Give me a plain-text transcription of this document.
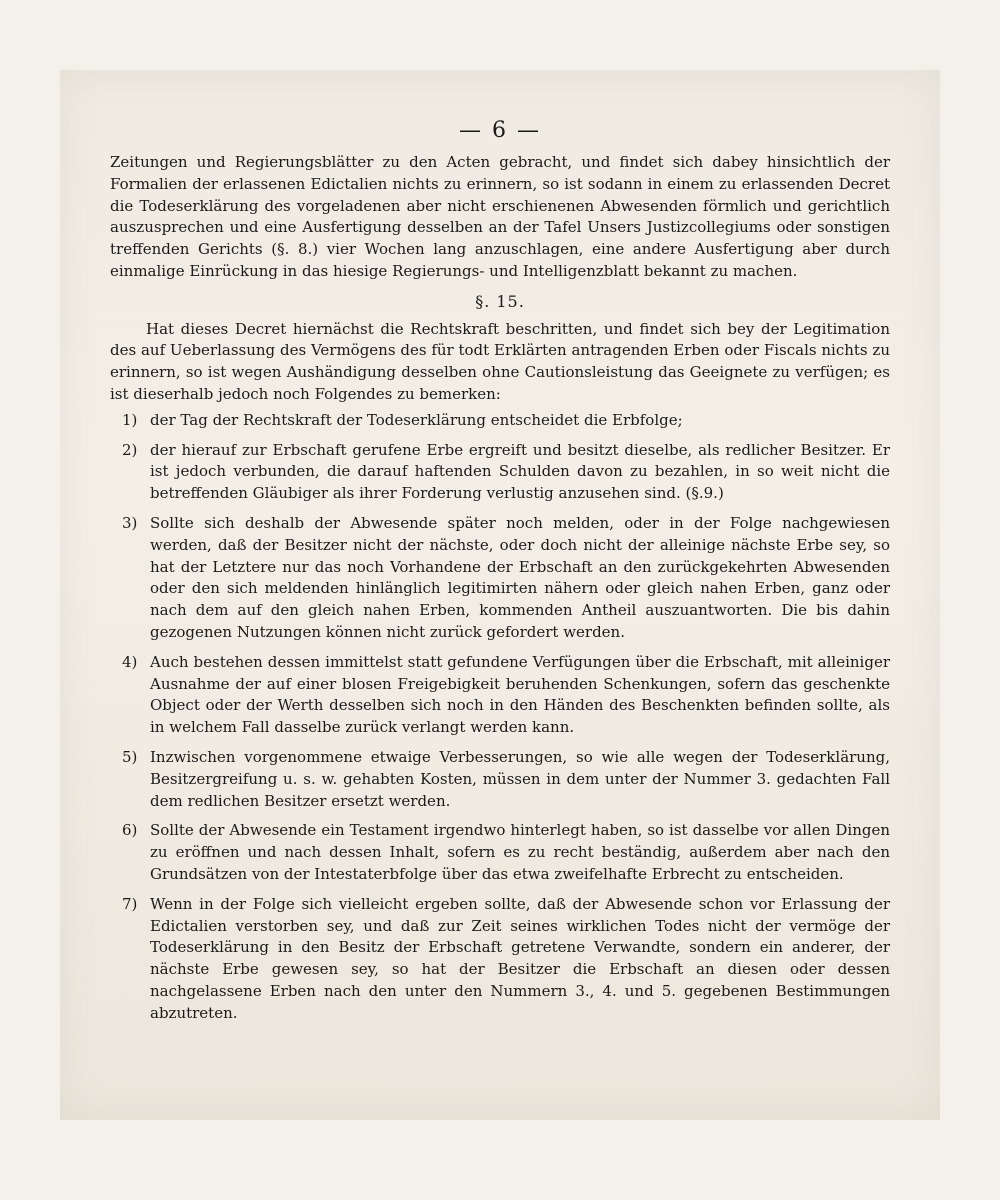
— 6 —

Zeitungen und Regierungsblätter zu den Acten gebracht, und findet sich dabey hinsichtlich der Formalien der erlassenen Edictalien nichts zu erinnern, so ist sodann in einem zu erlassenden Decret die Todeserklärung des vorgeladenen aber nicht erschienenen Abwesenden förmlich und gerichtlich auszusprechen und eine Ausfertigung desselben an der Tafel Unsers Justizcollegiums oder sonstigen treffenden Gerichts (§. 8.) vier Wochen lang anzuschlagen, eine andere Ausfertigung aber durch einmalige Einrückung in das hiesige Regierungs- und Intelligenzblatt bekannt zu machen.

§. 15.

Hat dieses Decret hiernächst die Rechtskraft beschritten, und findet sich bey der Legitimation des auf Ueberlassung des Vermögens des für todt Erklärten antragenden Erben oder Fiscals nichts zu erinnern, so ist wegen Aushändigung desselben ohne Cautionsleistung das Geeignete zu verfügen; es ist dieserhalb jedoch noch Folgendes zu bemerken:

1) der Tag der Rechtskraft der Todeserklärung entscheidet die Erbfolge;
2) der hierauf zur Erbschaft gerufene Erbe ergreift und besitzt dieselbe, als redlicher Besitzer. Er ist jedoch verbunden, die darauf haftenden Schulden davon zu bezahlen, in so weit nicht die betreffenden Gläubiger als ihrer Forderung verlustig anzusehen sind. (§.9.)
3) Sollte sich deshalb der Abwesende später noch melden, oder in der Folge nachgewiesen werden, daß der Besitzer nicht der nächste, oder doch nicht der alleinige nächste Erbe sey, so hat der Letztere nur das noch Vorhandene der Erbschaft an den zurückgekehrten Abwesenden oder den sich meldenden hinlänglich legitimirten nähern oder gleich nahen Erben, ganz oder nach dem auf den gleich nahen Erben, kommenden Antheil auszuantworten. Die bis dahin gezogenen Nutzungen können nicht zurück gefordert werden.
4) Auch bestehen dessen immittelst statt gefundene Verfügungen über die Erbschaft, mit alleiniger Ausnahme der auf einer blosen Freigebigkeit beruhenden Schenkungen, sofern das geschenkte Object oder der Werth desselben sich noch in den Händen des Beschenkten befinden sollte, als in welchem Fall dasselbe zurück verlangt werden kann.
5) Inzwischen vorgenommene etwaige Verbesserungen, so wie alle wegen der Todeserklärung, Besitzergreifung u. s. w. gehabten Kosten, müssen in dem unter der Nummer 3. gedachten Fall dem redlichen Besitzer ersetzt werden.
6) Sollte der Abwesende ein Testament irgendwo hinterlegt haben, so ist dasselbe vor allen Dingen zu eröffnen und nach dessen Inhalt, sofern es zu recht beständig, außerdem aber nach den Grundsätzen von der Intestaterbfolge über das etwa zweifelhafte Erbrecht zu entscheiden.
7) Wenn in der Folge sich vielleicht ergeben sollte, daß der Abwesende schon vor Erlassung der Edictalien verstorben sey, und daß zur Zeit seines wirklichen Todes nicht der vermöge der Todeserklärung in den Besitz der Erbschaft getretene Verwandte, sondern ein anderer, der nächste Erbe gewesen sey, so hat der Besitzer die Erbschaft an diesen oder dessen nachgelassene Erben nach den unter den Nummern 3., 4. und 5. gegebenen Bestimmungen abzutreten.
